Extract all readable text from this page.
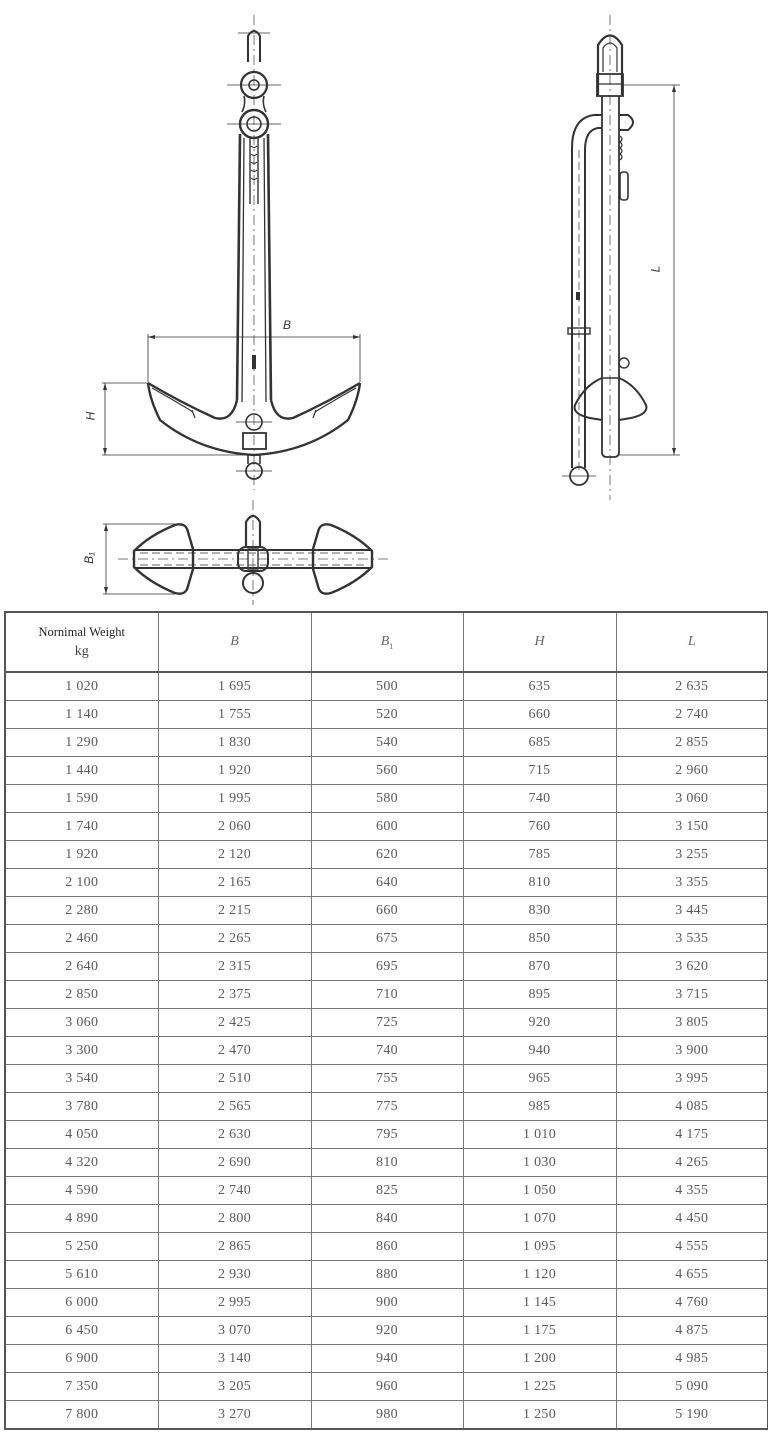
B
H
B₁
L
Nornimal Weight
kg	B	$B_1$	H	L
1 020	1 695	500	635	2 635
1 140	1 755	520	660	2 740
1 290	1 830	540	685	2 855
1 440	1 920	560	715	2 960
1 590	1 995	580	740	3 060
1 740	2 060	600	760	3 150
1 920	2 120	620	785	3 255
2 100	2 165	640	810	3 355
2 280	2 215	660	830	3 445
2 460	2 265	675	850	3 535
2 640	2 315	695	870	3 620
2 850	2 375	710	895	3 715
3 060	2 425	725	920	3 805
3 300	2 470	740	940	3 900
3 540	2 510	755	965	3 995
3 780	2 565	775	985	4 085
4 050	2 630	795	1 010	4 175
4 320	2 690	810	1 030	4 265
4 590	2 740	825	1 050	4 355
4 890	2 800	840	1 070	4 450
5 250	2 865	860	1 095	4 555
5 610	2 930	880	1 120	4 655
6 000	2 995	900	1 145	4 760
6 450	3 070	920	1 175	4 875
6 900	3 140	940	1 200	4 985
7 350	3 205	960	1 225	5 090
7 800	3 270	980	1 250	5 190
